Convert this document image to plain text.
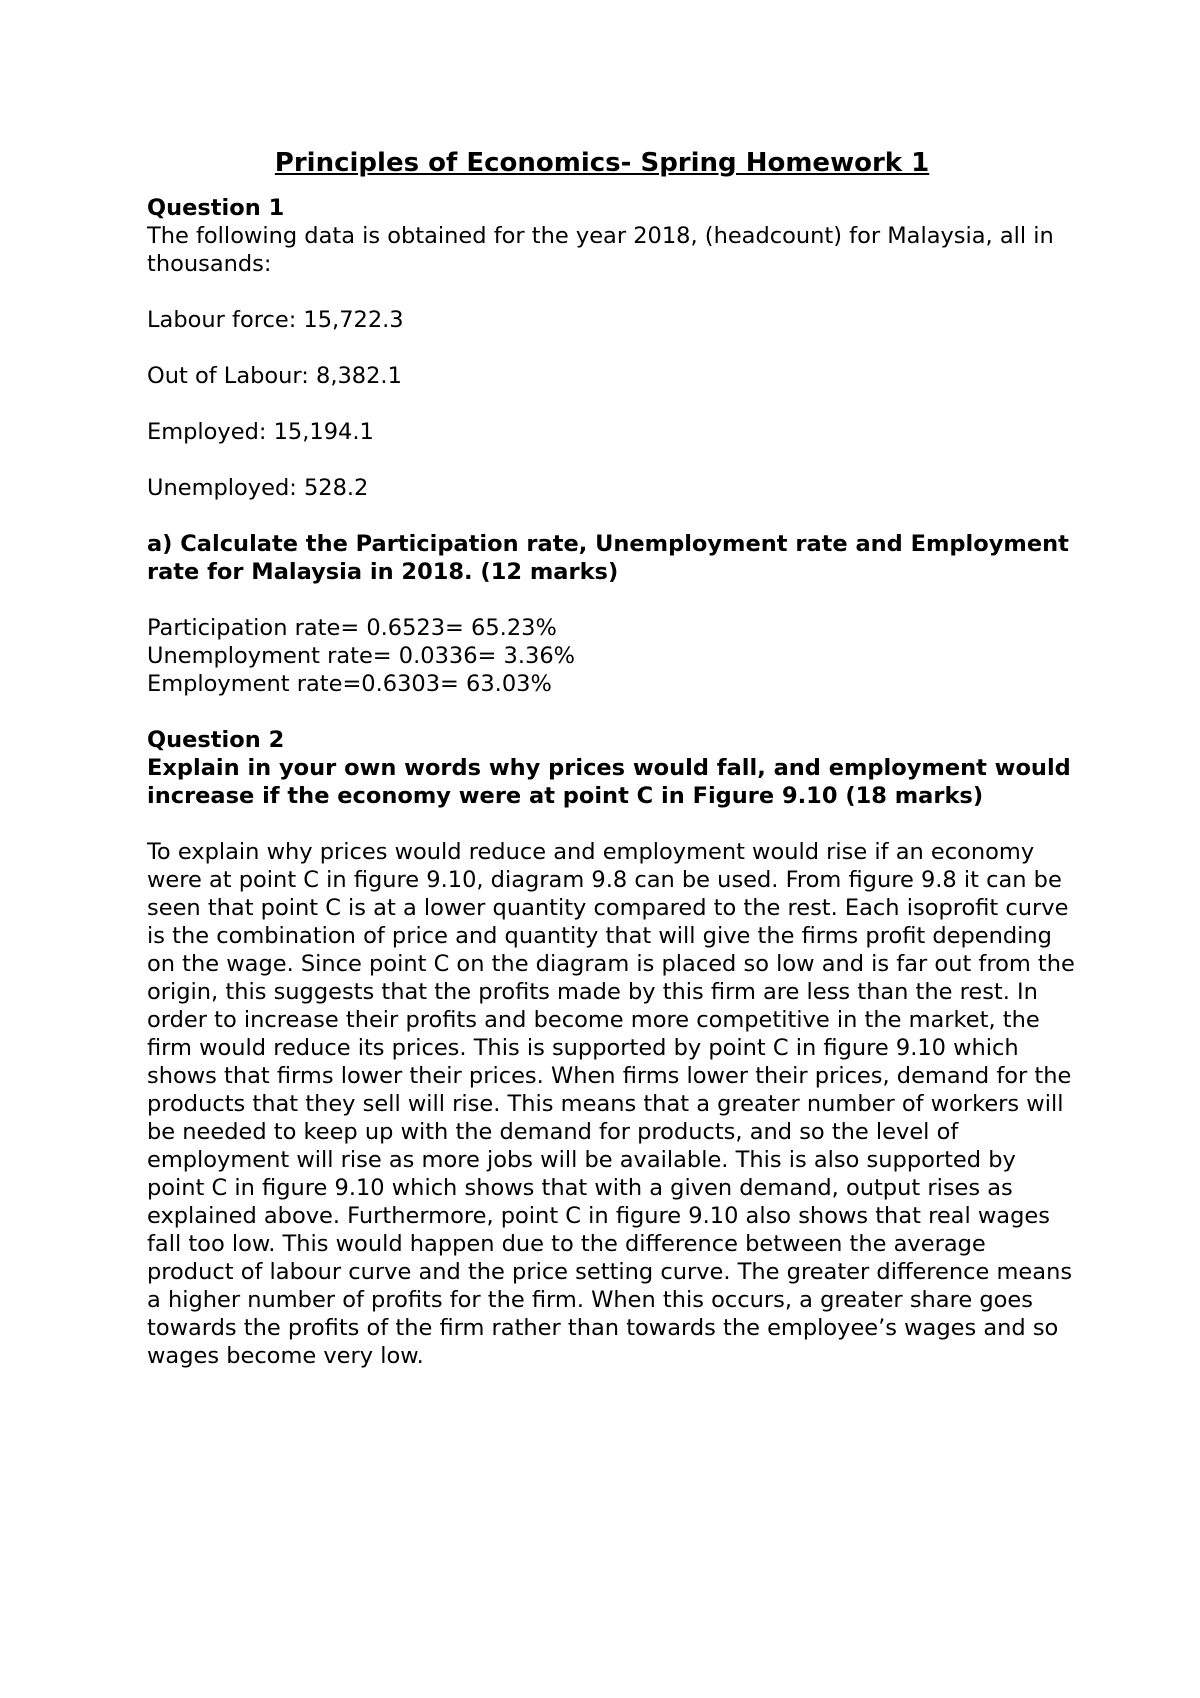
Principles of Economics- Spring Homework 1

Question 1

The following data is obtained for the year 2018, (headcount) for Malaysia, all in thousands:

Labour force: 15,722.3

Out of Labour: 8,382.1

Employed: 15,194.1

Unemployed: 528.2

a) Calculate the Participation rate, Unemployment rate and Employment rate for Malaysia in 2018. (12 marks)

Participation rate= 0.6523= 65.23%

Unemployment rate= 0.0336= 3.36%

Employment rate=0.6303= 63.03%

Question 2

Explain in your own words why prices would fall, and employment would increase if the economy were at point C in Figure 9.10 (18 marks)

To explain why prices would reduce and employment would rise if an economy were at point C in figure 9.10, diagram 9.8 can be used. From figure 9.8 it can be seen that point C is at a lower quantity compared to the rest. Each isoprofit curve is the combination of price and quantity that will give the firms profit depending on the wage. Since point C on the diagram is placed so low and is far out from the origin, this suggests that the profits made by this firm are less than the rest. In order to increase their profits and become more competitive in the market, the firm would reduce its prices. This is supported by point C in figure 9.10 which shows that firms lower their prices. When firms lower their prices, demand for the products that they sell will rise. This means that a greater number of workers will be needed to keep up with the demand for products, and so the level of employment will rise as more jobs will be available. This is also supported by point C in figure 9.10 which shows that with a given demand, output rises as explained above. Furthermore, point C in figure 9.10 also shows that real wages fall too low. This would happen due to the difference between the average product of labour curve and the price setting curve. The greater difference means a higher number of profits for the firm. When this occurs, a greater share goes towards the profits of the firm rather than towards the employee’s wages and so wages become very low.
